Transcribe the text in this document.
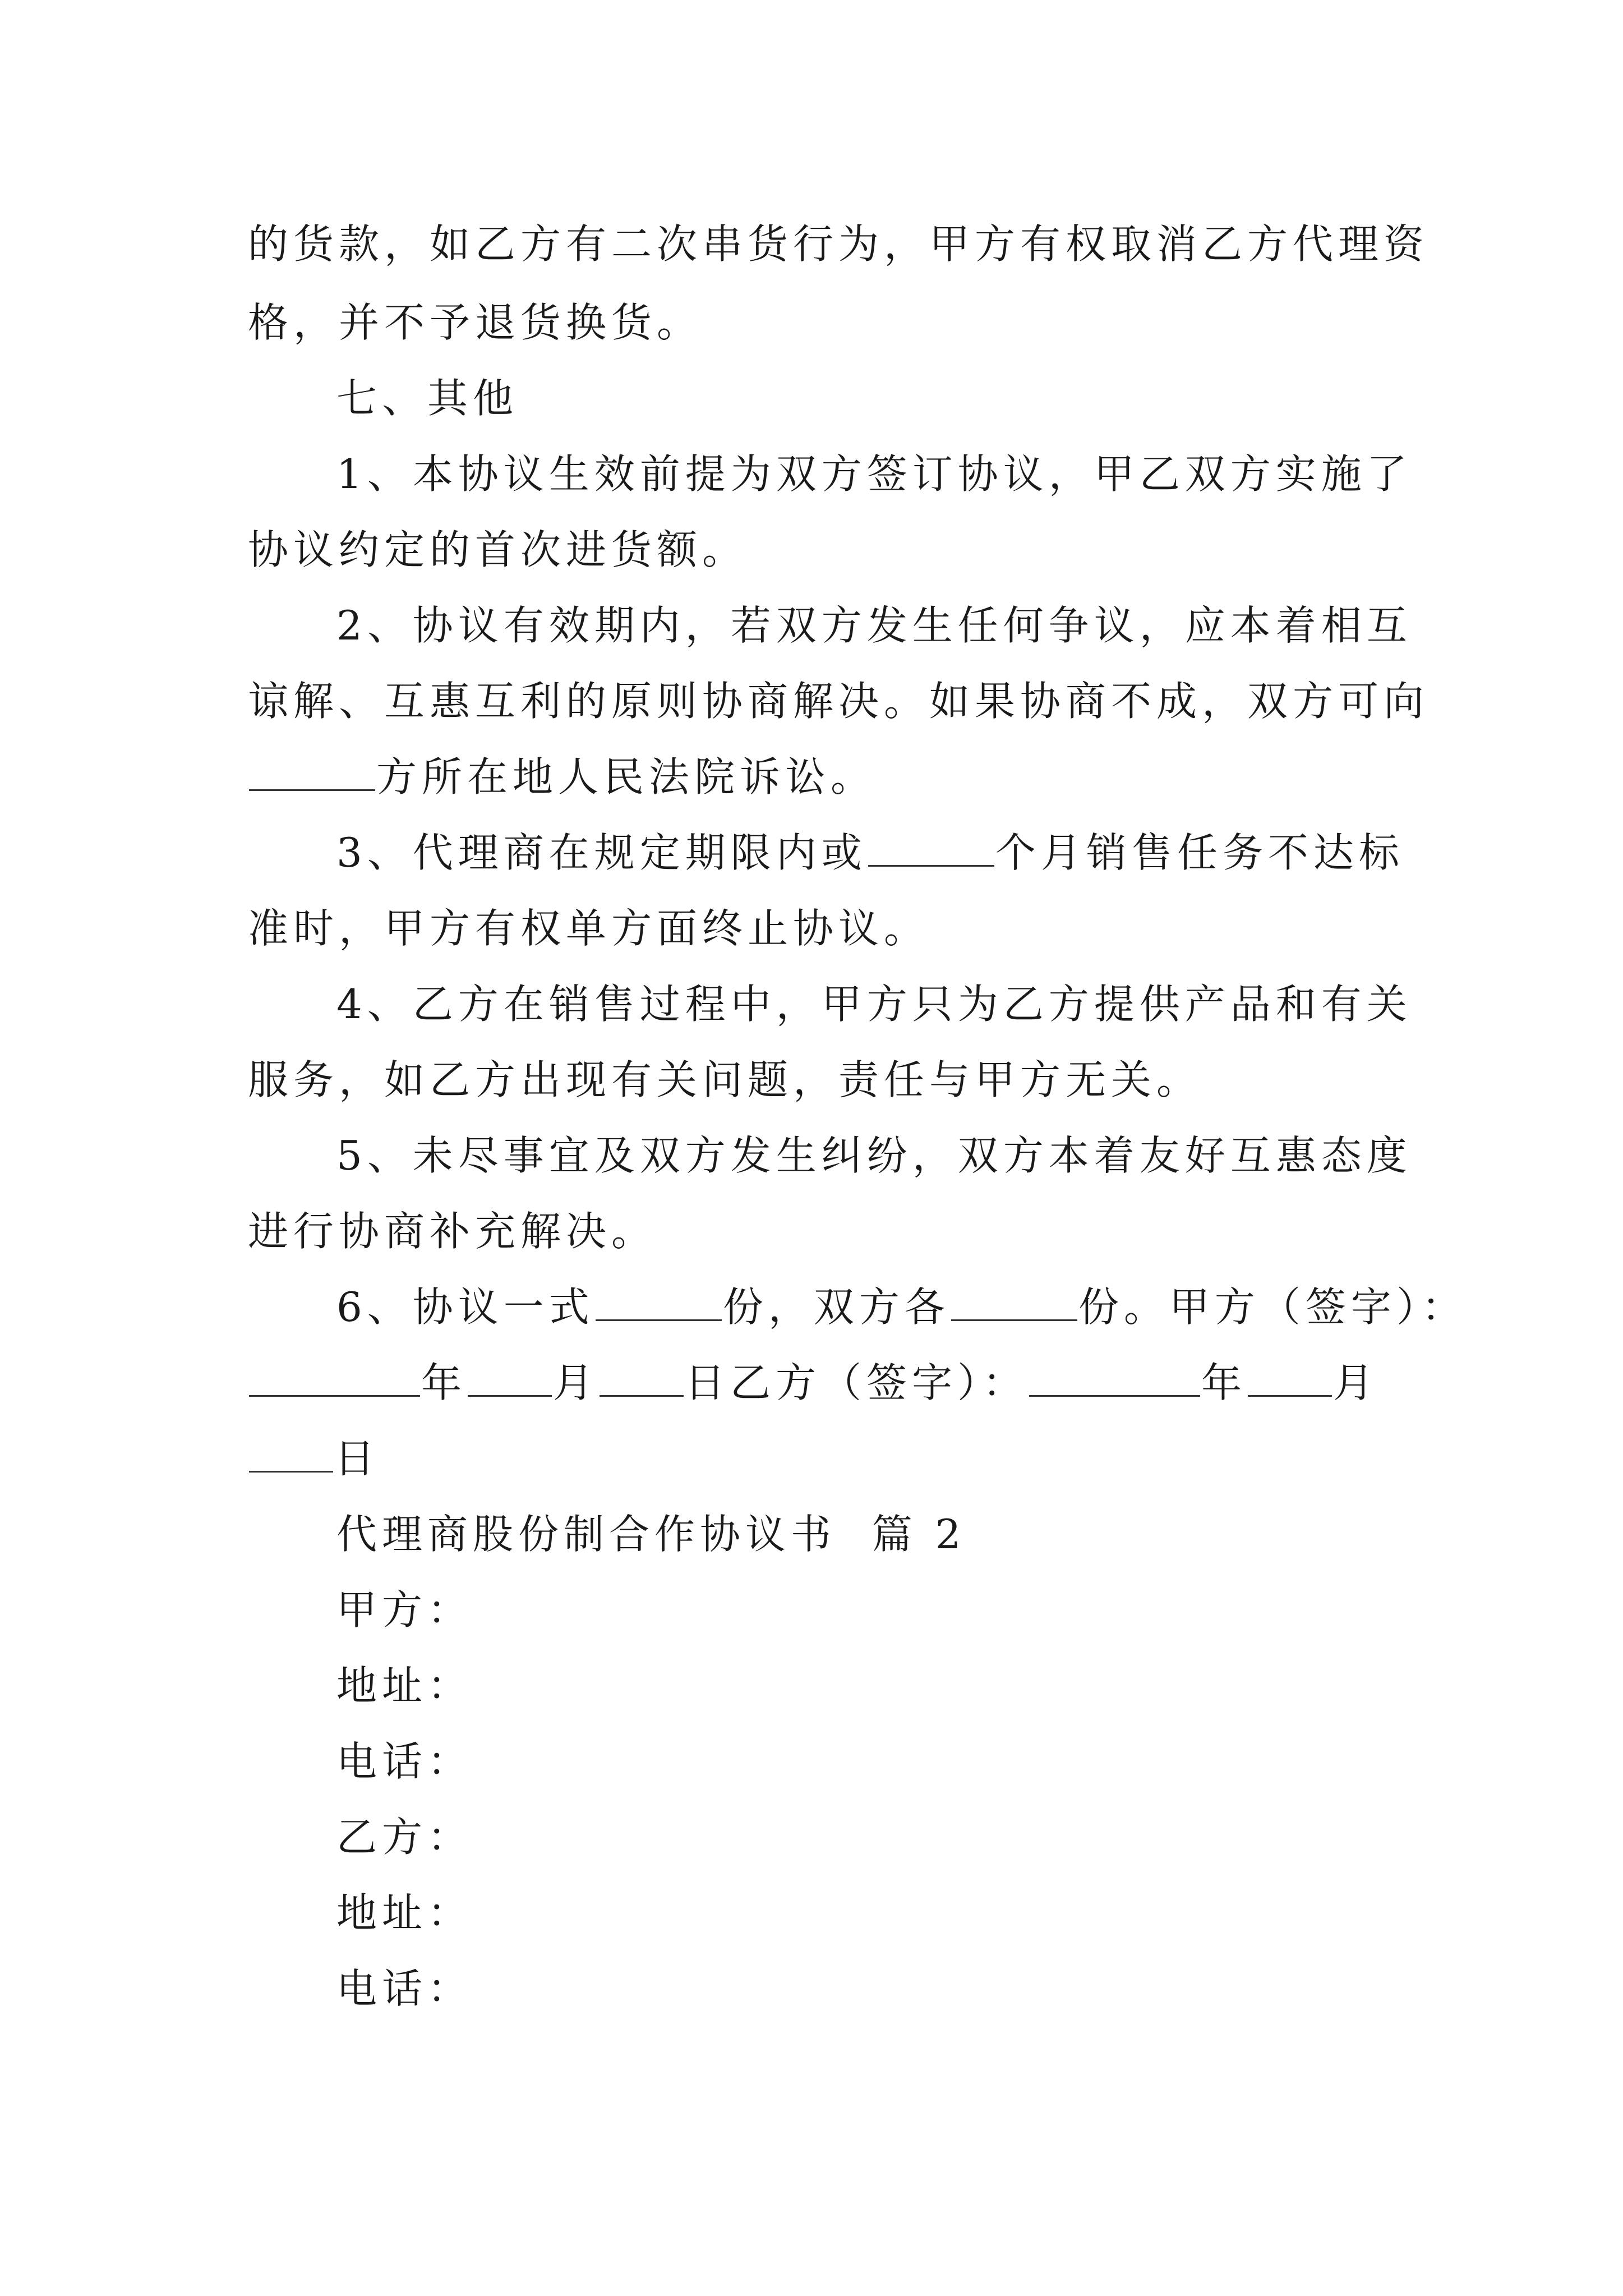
的货款，如乙方有二次串货行为，甲方有权取消乙方代理资
格，并不予退货换货。
七、其他
1、本协议生效前提为双方签订协议，甲乙双方实施了
协议约定的首次进货额。
2、协议有效期内，若双方发生任何争议，应本着相互
谅解、互惠互利的原则协商解决。如果协商不成，双方可向
方所在地人民法院诉讼。
3、代理商在规定期限内或	个月销售任务不达标
准时，甲方有权单方面终止协议。
4、乙方在销售过程中，甲方只为乙方提供产品和有关
服务，如乙方出现有关问题，责任与甲方无关。
5、未尽事宜及双方发生纠纷，双方本着友好互惠态度
进行协商补充解决。
6、协议一式	份，双方各	份。甲方（签字）：
年 月 日乙方（签字）：	年 月
日
代理商股份制合作协议书  篇 2
甲方：
地址：
电话：
乙方：
地址：
电话：
